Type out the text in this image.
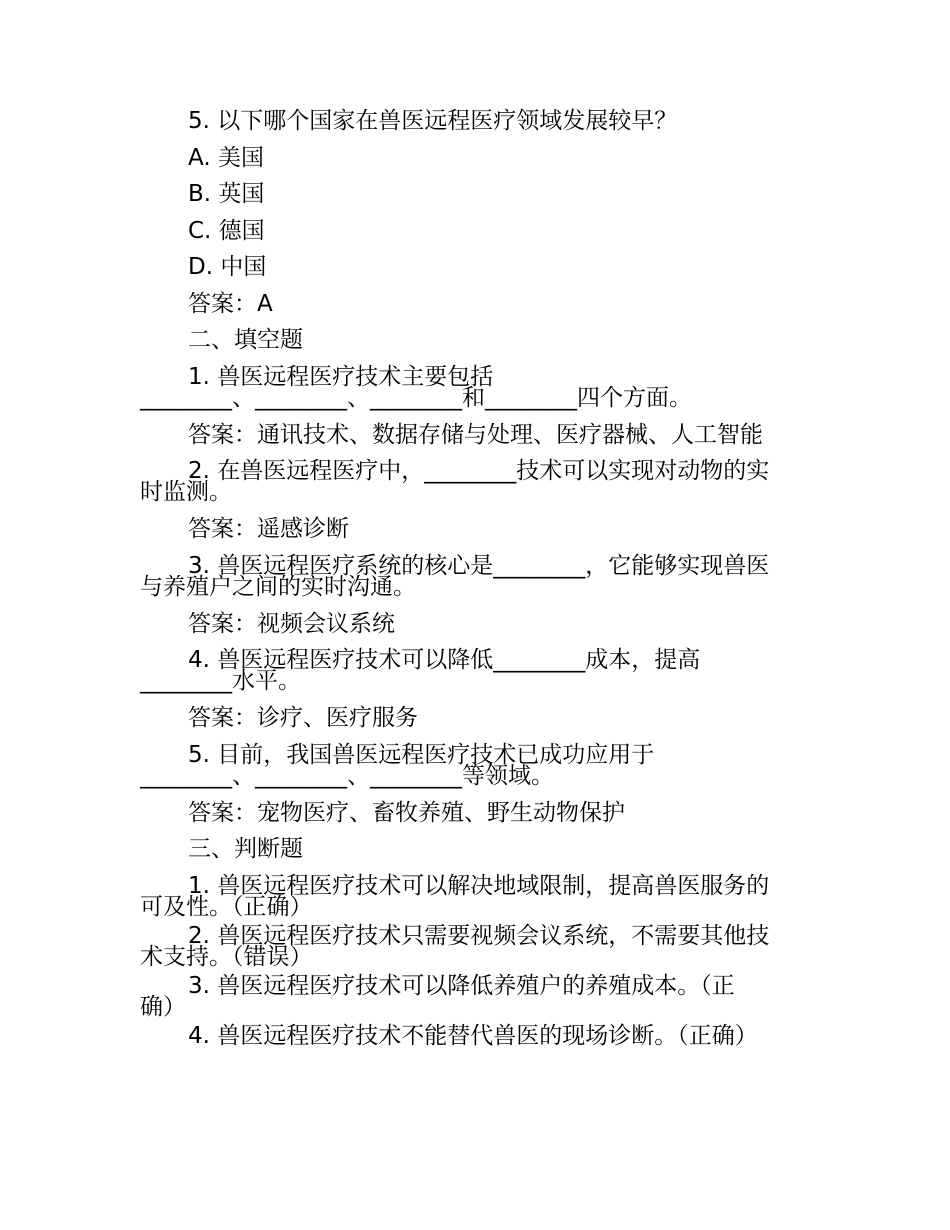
5. 以下哪个国家在兽医远程医疗领域发展较早？

A. 美国

B. 英国

C. 德国

D. 中国

答案：A

二、填空题

1. 兽医远程医疗技术主要包括

________、________、________和________四个方面。

答案：通讯技术、数据存储与处理、医疗器械、人工智能

2. 在兽医远程医疗中，________技术可以实现对动物的实

时监测。

答案：遥感诊断

3. 兽医远程医疗系统的核心是________，它能够实现兽医

与养殖户之间的实时沟通。

答案：视频会议系统

4. 兽医远程医疗技术可以降低________成本，提高

________水平。

答案：诊疗、医疗服务

5. 目前，我国兽医远程医疗技术已成功应用于

________、________、________等领域。

答案：宠物医疗、畜牧养殖、野生动物保护

三、判断题

1. 兽医远程医疗技术可以解决地域限制，提高兽医服务的

可及性。（正确）

2. 兽医远程医疗技术只需要视频会议系统，不需要其他技

术支持。（错误）

3. 兽医远程医疗技术可以降低养殖户的养殖成本。（正

确）

4. 兽医远程医疗技术不能替代兽医的现场诊断。（正确）
